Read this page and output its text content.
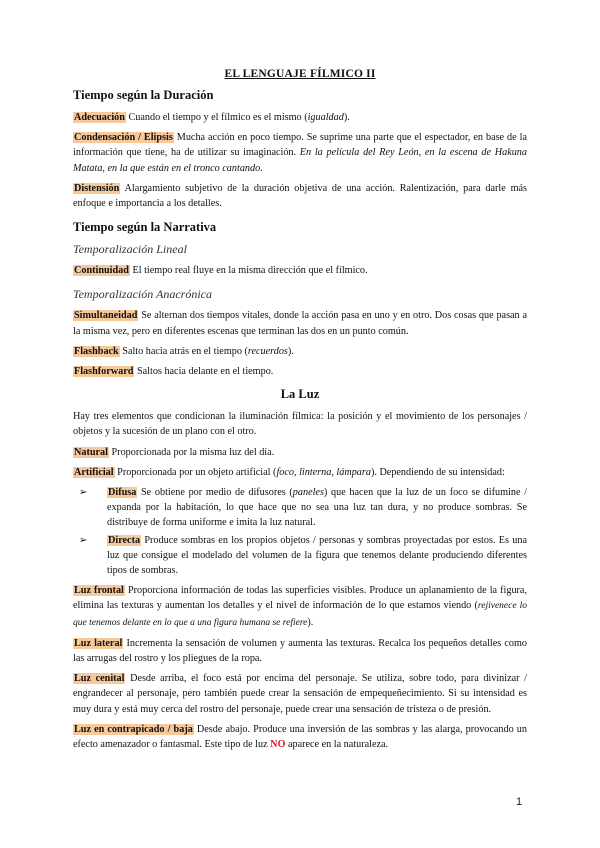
EL LENGUAJE FÍLMICO II
Tiempo según la Duración

Adecuación Cuando el tiempo y el fílmico es el mismo (igualdad).

Condensación / Elipsis Mucha acción en poco tiempo. Se suprime una parte que el espectador, en base de la información que tiene, ha de utilizar su imaginación. En la película del Rey León, en la escena de Hakuna Matata, en la que están en el tronco cantando.

Distensión Alargamiento subjetivo de la duración objetiva de una acción. Ralentización, para darle más enfoque e importancia a los detalles.

Tiempo según la Narrativa
Temporalización Lineal

Continuidad El tiempo real fluye en la misma dirección que el fílmico.

Temporalización Anacrónica

Simultaneidad Se alternan dos tiempos vitales, donde la acción pasa en uno y en otro. Dos cosas que pasan a la misma vez, pero en diferentes escenas que terminan las dos en un punto común.

Flashback Salto hacia atrás en el tiempo (recuerdos).

Flashforward Saltos hacia delante en el tiempo.

La Luz

Hay tres elementos que condicionan la iluminación fílmica: la posición y el movimiento de los personajes / objetos y la sucesión de un plano con el otro.

Natural Proporcionada por la misma luz del día.

Artificial Proporcionada por un objeto artificial (foco, linterna, lámpara). Dependiendo de su intensidad:

➢ Difusa Se obtiene por medio de difusores (paneles) que hacen que la luz de un foco se difumine / expanda por la habitación, lo que hace que no sea una luz tan dura, y no produce sombras. Se distribuye de forma uniforme e imita la luz natural.
➢ Directa Produce sombras en los propios objetos / personas y sombras proyectadas por estos. Es una luz que consigue el modelado del volumen de la figura que tenemos delante produciendo diferentes tipos de sombras.

Luz frontal Proporciona información de todas las superficies visibles. Produce un aplanamiento de la figura, elimina las texturas y aumentan los detalles y el nivel de información de lo que estamos viendo (rejivenece lo que tenemos delante en lo que a una figura humana se refiere).

Luz lateral Incrementa la sensación de volumen y aumenta las texturas. Recalca los pequeños detalles como las arrugas del rostro y los pliegues de la ropa.

Luz cenital Desde arriba, el foco está por encima del personaje. Se utiliza, sobre todo, para divinizar / engrandecer al personaje, pero también puede crear la sensación de empequeñecimiento. Si su intensidad es muy dura y está muy cerca del rostro del personaje, puede crear una sensación de tristeza o de presión.

Luz en contrapicado / baja Desde abajo. Produce una inversión de las sombras y las alarga, provocando un efecto amenazador o fantasmal. Este tipo de luz NO aparece en la naturaleza.

1
